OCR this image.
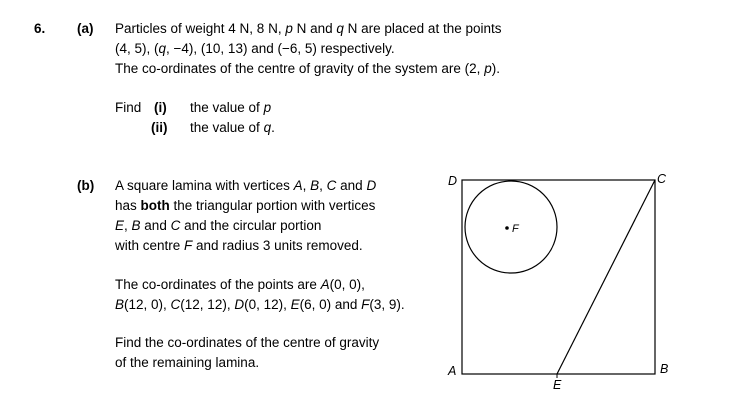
6. (a) Particles of weight 4 N, 8 N, p N and q N are placed at the points
(4, 5), (q, −4), (10, 13) and (−6, 5) respectively.
The co-ordinates of the centre of gravity of the system are (2, p).
Find (i) the value of p
(ii) the value of q.
(b) A square lamina with vertices A, B, C and D
has both the triangular portion with vertices
E, B and C and the circular portion
with centre F and radius 3 units removed.
The co-ordinates of the points are A(0, 0),
B(12, 0), C(12, 12), D(0, 12), E(6, 0) and F(3, 9).
Find the co-ordinates of the centre of gravity
of the remaining lamina.
D	C
A	B
E
F
